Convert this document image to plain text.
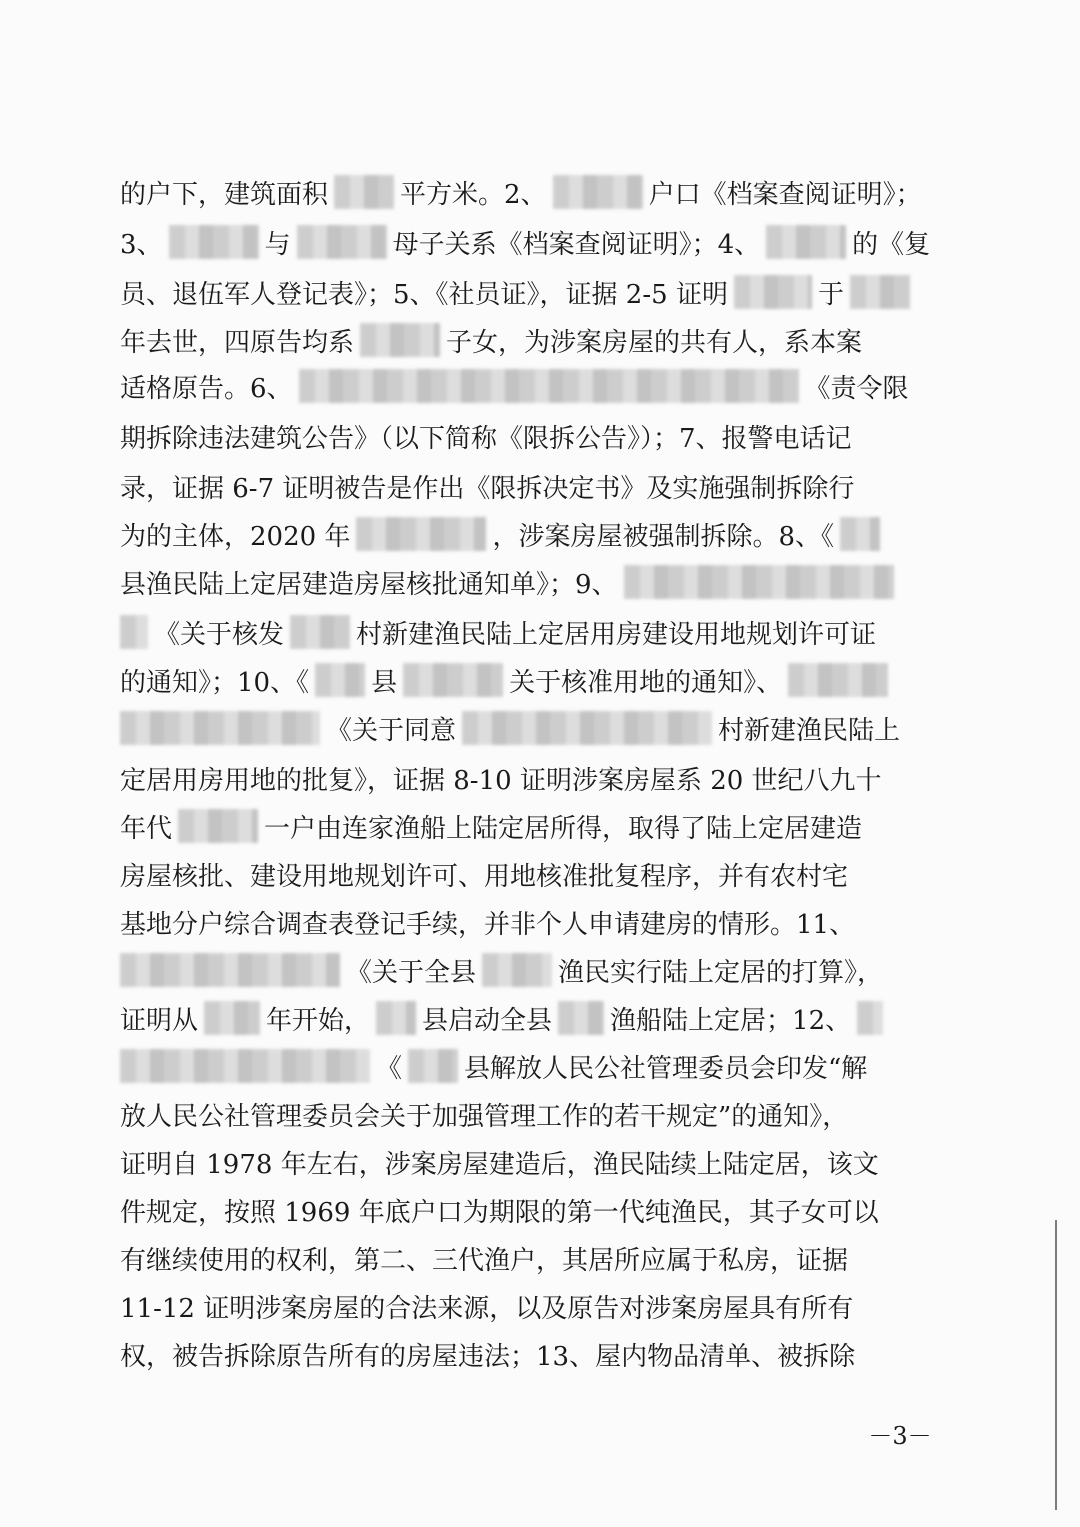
的户下，建筑面积	平方米。2、	户口《档案查阅证明》；
3、	与	母子关系《档案查阅证明》；4、	的《复
员、退伍军人登记表》；5、《社员证》，证据 2-5 证明	于
年去世，四原告均系	子女，为涉案房屋的共有人，系本案
适格原告。6、	《责令限
期拆除违法建筑公告》（以下简称《限拆公告》）；7、报警电话记
录，证据 6-7 证明被告是作出《限拆决定书》及实施强制拆除行
为的主体，2020 年	，涉案房屋被强制拆除。8、《
县渔民陆上定居建造房屋核批通知单》；9、
《关于核发	村新建渔民陆上定居用房建设用地规划许可证
的通知》；10、《 县	关于核准用地的通知》、
《关于同意	村新建渔民陆上
定居用房用地的批复》，证据 8-10 证明涉案房屋系 20 世纪八九十
年代	一户由连家渔船上陆定居所得，取得了陆上定居建造
房屋核批、建设用地规划许可、用地核准批复程序，并有农村宅
基地分户综合调查表登记手续，并非个人申请建房的情形。11、
《关于全县	渔民实行陆上定居的打算》，
证明从	年开始， 县启动全县 渔船陆上定居；12、
《 县解放人民公社管理委员会印发“解
放人民公社管理委员会关于加强管理工作的若干规定”的通知》，
证明自 1978 年左右，涉案房屋建造后，渔民陆续上陆定居，该文
件规定，按照 1969 年底户口为期限的第一代纯渔民，其子女可以
有继续使用的权利，第二、三代渔户，其居所应属于私房，证据
11-12 证明涉案房屋的合法来源，以及原告对涉案房屋具有所有
权，被告拆除原告所有的房屋违法；13、屋内物品清单、被拆除
－3－
